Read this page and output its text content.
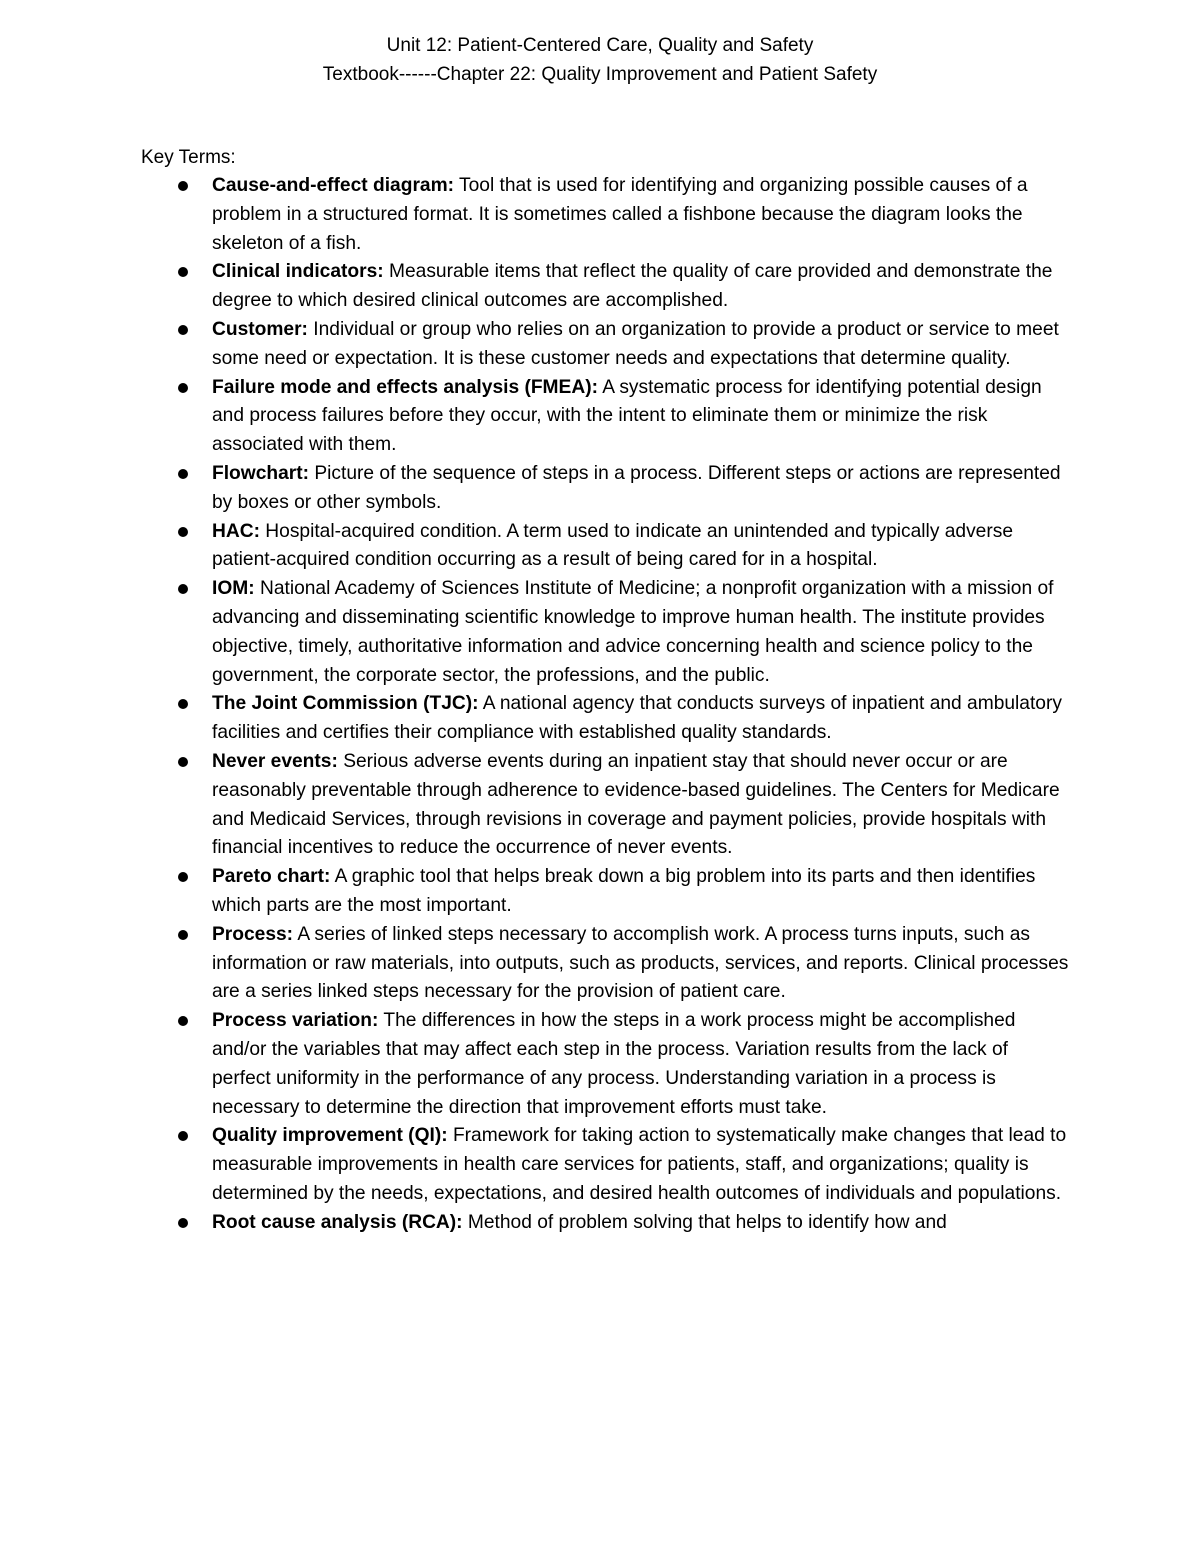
Unit 12: Patient-Centered Care, Quality and Safety
Textbook------Chapter 22: Quality Improvement and Patient Safety
Key Terms:
Cause-and-effect diagram: Tool that is used for identifying and organizing possible causes of a problem in a structured format. It is sometimes called a fishbone because the diagram looks the skeleton of a fish.
Clinical indicators: Measurable items that reflect the quality of care provided and demonstrate the degree to which desired clinical outcomes are accomplished.
Customer: Individual or group who relies on an organization to provide a product or service to meet some need or expectation. It is these customer needs and expectations that determine quality.
Failure mode and effects analysis (FMEA): A systematic process for identifying potential design and process failures before they occur, with the intent to eliminate them or minimize the risk associated with them.
Flowchart: Picture of the sequence of steps in a process. Different steps or actions are represented by boxes or other symbols.
HAC: Hospital-acquired condition. A term used to indicate an unintended and typically adverse patient-acquired condition occurring as a result of being cared for in a hospital.
IOM: National Academy of Sciences Institute of Medicine; a nonprofit organization with a mission of advancing and disseminating scientific knowledge to improve human health. The institute provides objective, timely, authoritative information and advice concerning health and science policy to the government, the corporate sector, the professions, and the public.
The Joint Commission (TJC): A national agency that conducts surveys of inpatient and ambulatory facilities and certifies their compliance with established quality standards.
Never events: Serious adverse events during an inpatient stay that should never occur or are reasonably preventable through adherence to evidence-based guidelines. The Centers for Medicare and Medicaid Services, through revisions in coverage and payment policies, provide hospitals with financial incentives to reduce the occurrence of never events.
Pareto chart: A graphic tool that helps break down a big problem into its parts and then identifies which parts are the most important.
Process: A series of linked steps necessary to accomplish work. A process turns inputs, such as information or raw materials, into outputs, such as products, services, and reports. Clinical processes are a series linked steps necessary for the provision of patient care.
Process variation: The differences in how the steps in a work process might be accomplished and/or the variables that may affect each step in the process. Variation results from the lack of perfect uniformity in the performance of any process. Understanding variation in a process is necessary to determine the direction that improvement efforts must take.
Quality improvement (QI): Framework for taking action to systematically make changes that lead to measurable improvements in health care services for patients, staff, and organizations; quality is determined by the needs, expectations, and desired health outcomes of individuals and populations.
Root cause analysis (RCA): Method of problem solving that helps to identify how and
